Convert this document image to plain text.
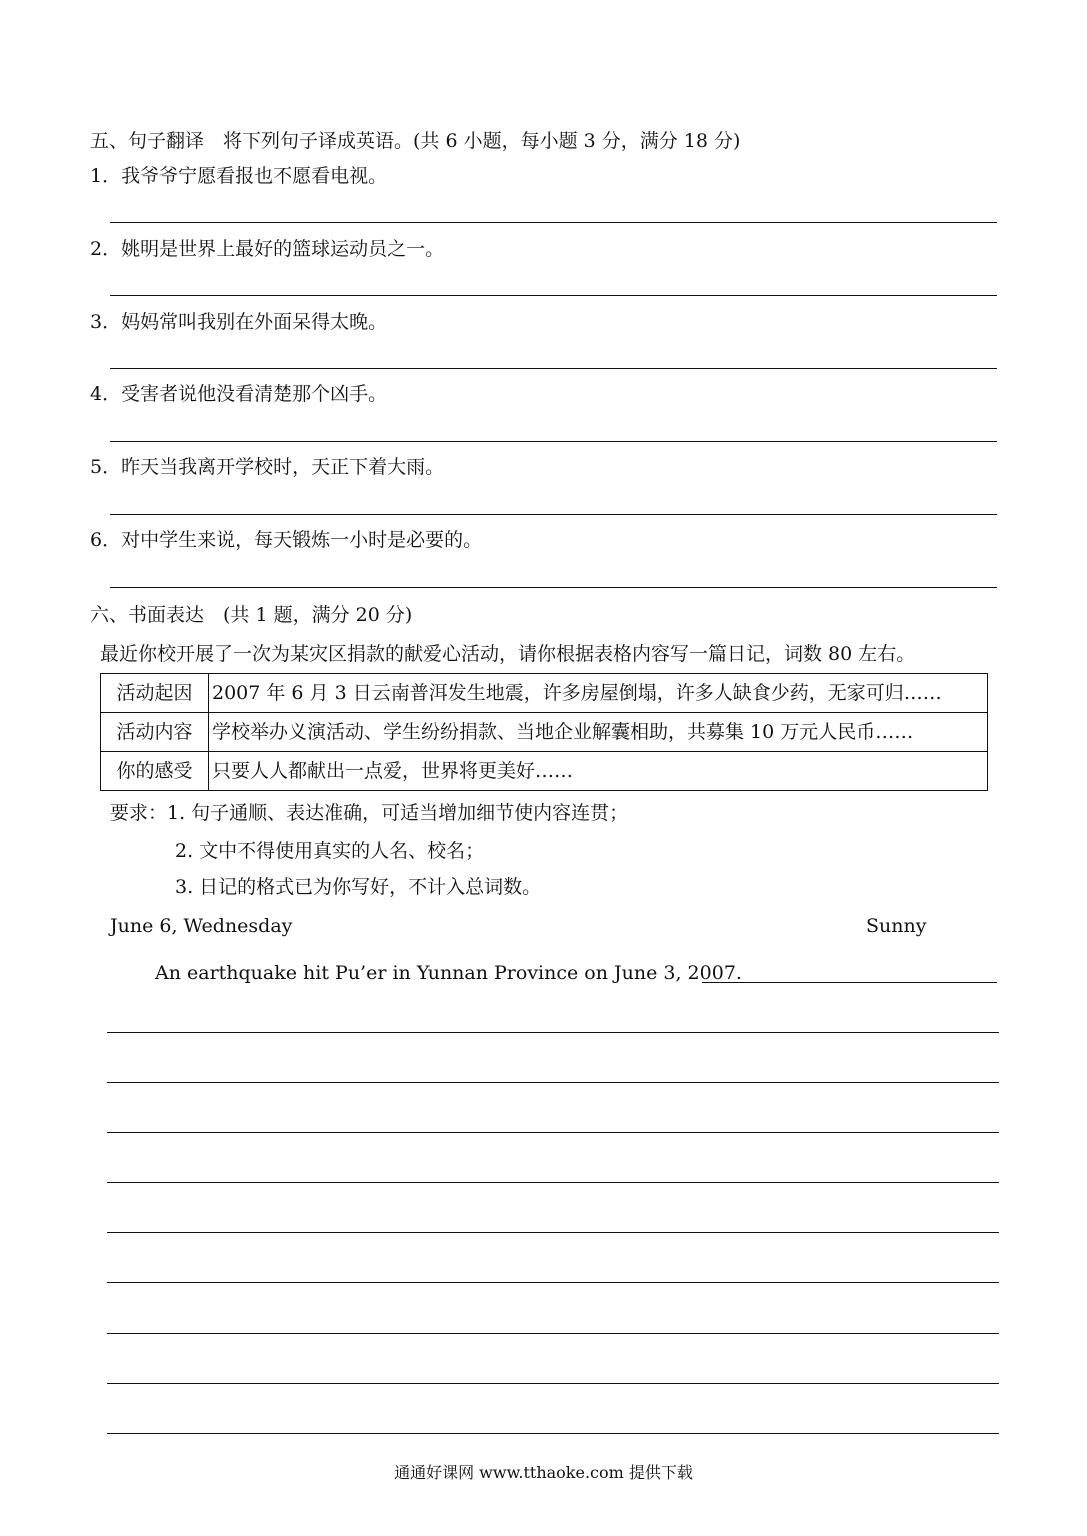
五、句子翻译　将下列句子译成英语。(共 6 小题，每小题 3 分，满分 18 分)
1．我爷爷宁愿看报也不愿看电视。
2．姚明是世界上最好的篮球运动员之一。
3．妈妈常叫我别在外面呆得太晚。
4．受害者说他没看清楚那个凶手。
5．昨天当我离开学校时，天正下着大雨。
6．对中学生来说，每天锻炼一小时是必要的。
六、书面表达　(共 1 题，满分 20 分)
最近你校开展了一次为某灾区捐款的献爱心活动，请你根据表格内容写一篇日记，词数 80 左右。
活动起因	2007 年 6 月 3 日云南普洱发生地震，许多房屋倒塌，许多人缺食少药，无家可归……
活动内容	学校举办义演活动、学生纷纷捐款、当地企业解囊相助，共募集 10 万元人民币……
你的感受	只要人人都献出一点爱，世界将更美好……
要求：1. 句子通顺、表达准确，可适当增加细节使内容连贯；
2. 文中不得使用真实的人名、校名；
3. 日记的格式已为你写好，不计入总词数。
June 6, Wednesday	Sunny
An earthquake hit Pu’er in Yunnan Province on June 3, 2007.
通通好课网 www.tthaoke.com 提供下载
